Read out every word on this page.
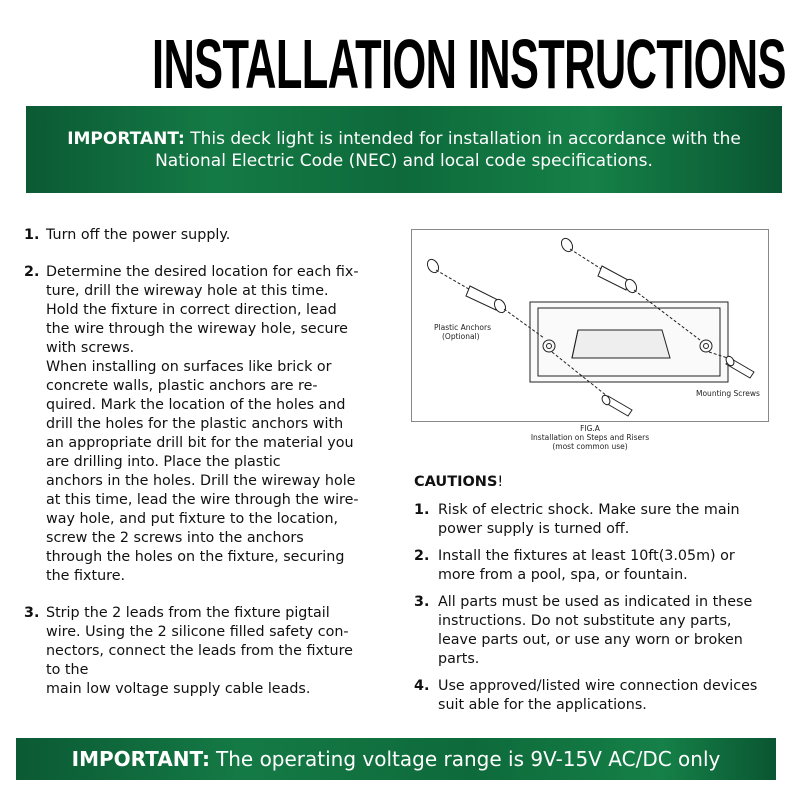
INSTALLATION INSTRUCTIONS
IMPORTANT: This deck light is intended for installation in accordance with the
National Electric Code (NEC) and local code specifications.
1. Turn off the power supply.
2. Determine the desired location for each fix-
ture, drill the wireway hole at this time.
Hold the fixture in correct direction, lead
the wire through the wireway hole, secure
with screws.
When installing on surfaces like brick or
concrete walls, plastic anchors are re-
quired. Mark the location of the holes and
drill the holes for the plastic anchors with
an appropriate drill bit for the material you
are drilling into. Place the plastic
anchors in the holes. Drill the wireway hole
at this time, lead the wire through the wire-
way hole, and put fixture to the location,
screw the 2 screws into the anchors
through the holes on the fixture, securing
the fixture.
3. Strip the 2 leads from the fixture pigtail
wire. Using the 2 silicone filled safety con-
nectors, connect the leads from the fixture
to the
main low voltage supply cable leads.
Plastic Anchors
(Optional)
Mounting Screws
FIG.A
Installation on Steps and Risers
(most common use)
CAUTIONS!
1. Risk of electric shock. Make sure the main
power supply is turned off.
2. Install the fixtures at least 10ft(3.05m) or
more from a pool, spa, or fountain.
3. All parts must be used as indicated in these
instructions. Do not substitute any parts,
leave parts out, or use any worn or broken
parts.
4. Use approved/listed wire connection devices
suit able for the applications.
IMPORTANT: The operating voltage range is 9V-15V AC/DC only
